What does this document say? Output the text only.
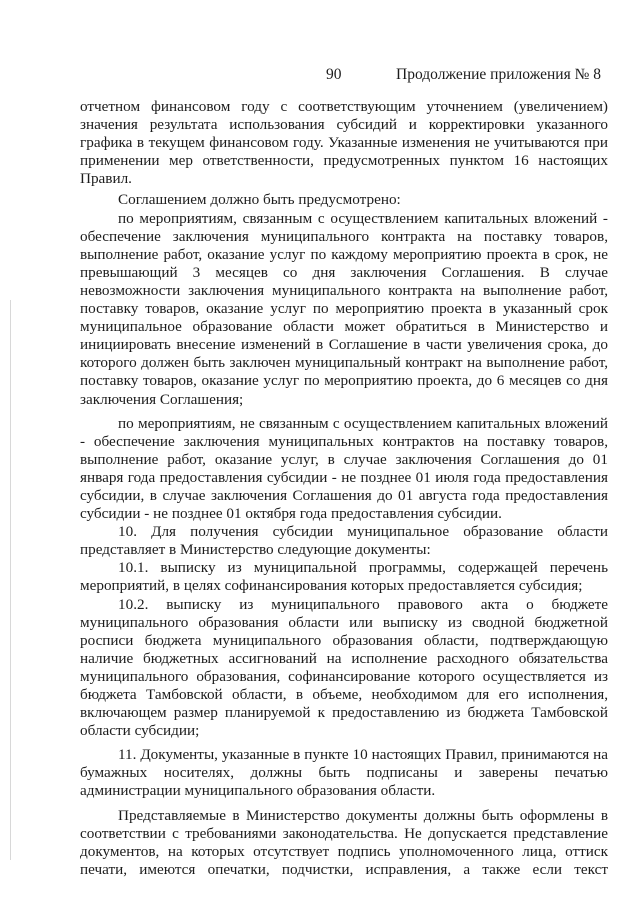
90	Продолжение приложения № 8

отчетном финансовом году с соответствующим уточнением (увеличением) значения результата использования субсидий и корректировки указанного графика в текущем финансовом году. Указанные изменения не учитываются при применении мер ответственности, предусмотренных пунктом 16 настоящих Правил.

Соглашением должно быть предусмотрено:

по мероприятиям, связанным с осуществлением капитальных вложений - обеспечение заключения муниципального контракта на поставку товаров, выполнение работ, оказание услуг по каждому мероприятию проекта в срок, не превышающий 3 месяцев со дня заключения Соглашения. В случае невозможности заключения муниципального контракта на выполнение работ, поставку товаров, оказание услуг по мероприятию проекта в указанный срок муниципальное образование области может обратиться в Министерство и инициировать внесение изменений в Соглашение в части увеличения срока, до которого должен быть заключен муниципальный контракт на выполнение работ, поставку товаров, оказание услуг по мероприятию проекта, до 6 месяцев со дня заключения Соглашения;

по мероприятиям, не связанным с осуществлением капитальных вложений - обеспечение заключения муниципальных контрактов на поставку товаров, выполнение работ, оказание услуг, в случае заключения Соглашения до 01 января года предоставления субсидии - не позднее 01 июля года предоставления субсидии, в случае заключения Соглашения до 01 августа года предоставления субсидии - не позднее 01 октября года предоставления субсидии.

10. Для получения субсидии муниципальное образование области представляет в Министерство следующие документы:

10.1. выписку из муниципальной программы, содержащей перечень мероприятий, в целях софинансирования которых предоставляется субсидия;

10.2. выписку из муниципального правового акта о бюджете муниципального образования области или выписку из сводной бюджетной росписи бюджета муниципального образования области, подтверждающую наличие бюджетных ассигнований на исполнение расходного обязательства муниципального образования, софинансирование которого осуществляется из бюджета Тамбовской области, в объеме, необходимом для его исполнения, включающем размер планируемой к предоставлению из бюджета Тамбовской области субсидии;

11. Документы, указанные в пункте 10 настоящих Правил, принимаются на бумажных носителях, должны быть подписаны и заверены печатью администрации муниципального образования области.

Представляемые в Министерство документы должны быть оформлены в соответствии с требованиями законодательства. Не допускается представление документов, на которых отсутствует подпись уполномоченного лица, оттиск печати, имеются опечатки, подчистки, исправления, а также если текст
